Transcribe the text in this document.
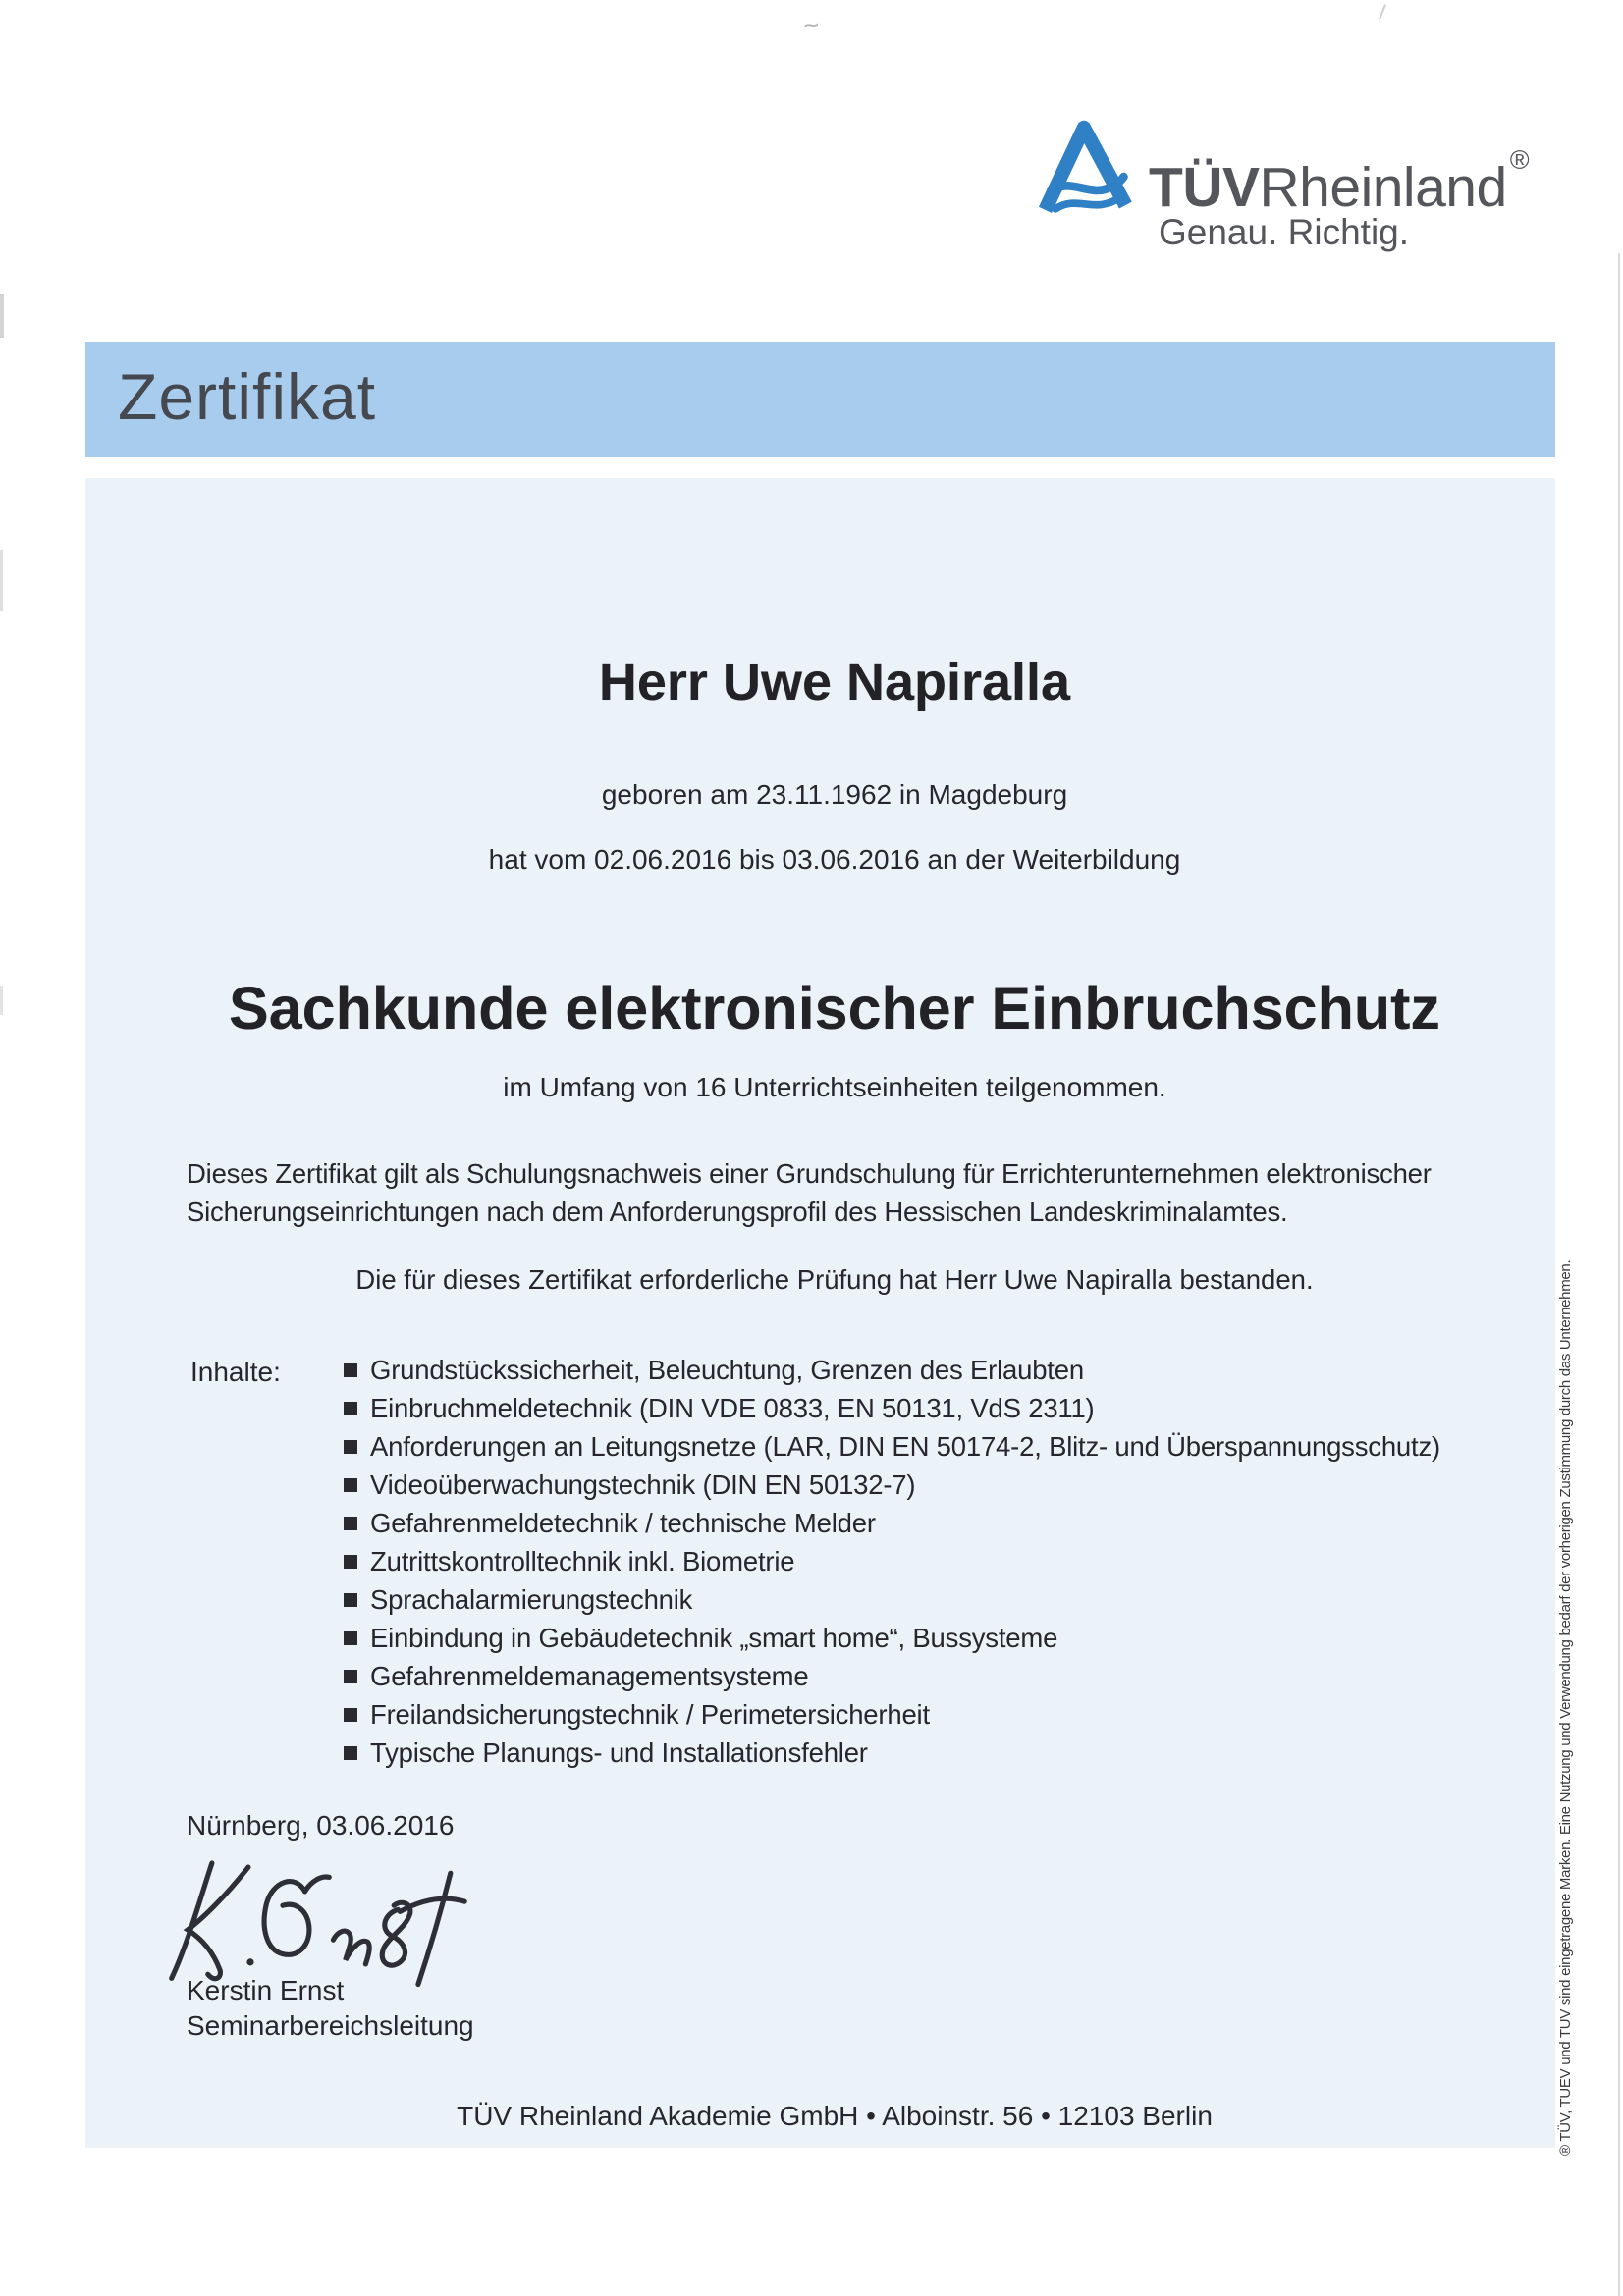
~
TÜVRheinland ®
Genau. Richtig.
Zertifikat
Herr Uwe Napiralla
geboren am 23.11.1962 in Magdeburg
hat vom 02.06.2016 bis 03.06.2016 an der Weiterbildung
Sachkunde elektronischer Einbruchschutz
im Umfang von 16 Unterrichtseinheiten teilgenommen.
Die für dieses Zertifikat erforderliche Prüfung hat Herr Uwe Napiralla bestanden.
Dieses Zertifikat gilt als Schulungsnachweis einer Grundschulung für Errichterunternehmen elektronischer
Sicherungseinrichtungen nach dem Anforderungsprofil des Hessischen Landeskriminalamtes.
Inhalte:	Grundstückssicherheit, Beleuchtung, Grenzen des Erlaubten
Einbruchmeldetechnik (DIN VDE 0833, EN 50131, VdS 2311)
Anforderungen an Leitungsnetze (LAR, DIN EN 50174-2, Blitz- und Überspannungsschutz)
Videoüberwachungstechnik (DIN EN 50132-7)
Gefahrenmeldetechnik / technische Melder
Zutrittskontrolltechnik inkl. Biometrie
Sprachalarmierungstechnik
Einbindung in Gebäudetechnik „smart home“, Bussysteme
Gefahrenmeldemanagementsysteme
Freilandsicherungstechnik / Perimetersicherheit
Typische Planungs- und Installationsfehler
Nürnberg, 03.06.2016
Kerstin Ernst
Seminarbereichsleitung
TÜV Rheinland Akademie GmbH • Alboinstr. 56 • 12103 Berlin	® TÜV, TUEV und TUV sind eingetragene Marken. Eine Nutzung und Verwendung bedarf der vorherigen Zustimmung durch das Unternehmen.
